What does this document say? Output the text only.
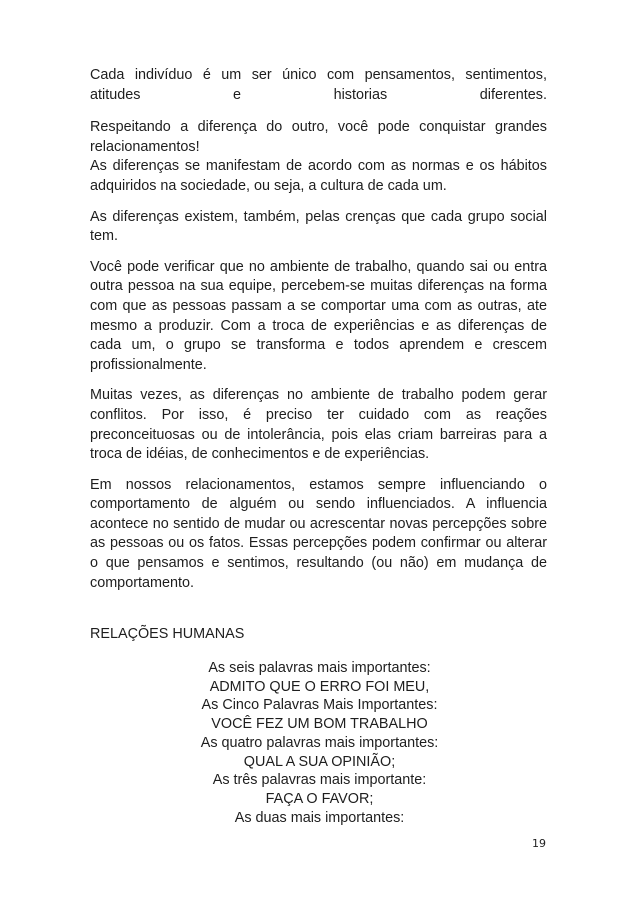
Cada indivíduo é um ser único com pensamentos, sentimentos, atitudes e historias diferentes.

Respeitando a diferença do outro, você pode conquistar grandes relacionamentos!

As diferenças se manifestam de acordo com as normas e os hábitos adquiridos na sociedade, ou seja, a cultura de cada um.

As diferenças existem, também, pelas crenças que cada grupo social tem.

Você pode verificar que no ambiente de trabalho, quando sai ou entra outra pessoa na sua equipe, percebem-se muitas diferenças na forma com que as pessoas passam a se comportar uma com as outras, ate mesmo a produzir. Com a troca de experiências e as diferenças de cada um, o grupo se transforma e todos aprendem e crescem profissionalmente.

Muitas vezes, as diferenças no ambiente de trabalho podem gerar conflitos. Por isso, é preciso ter cuidado com as reações preconceituosas ou de intolerância, pois elas criam barreiras para a troca de idéias, de conhecimentos e de experiências.

Em nossos relacionamentos, estamos sempre influenciando o comportamento de alguém ou sendo influenciados. A influencia acontece no sentido de mudar ou acrescentar novas percepções sobre as pessoas ou os fatos. Essas percepções podem confirmar ou alterar o que pensamos e sentimos, resultando (ou não) em mudança de comportamento.

RELAÇÕES HUMANAS

As seis palavras mais importantes:
ADMITO QUE O ERRO FOI MEU,
As Cinco Palavras Mais Importantes:
VOCÊ FEZ UM BOM TRABALHO
As quatro palavras mais importantes:
QUAL A SUA OPINIÃO;
As três palavras mais importante:
FAÇA O FAVOR;
As duas mais importantes:
19
